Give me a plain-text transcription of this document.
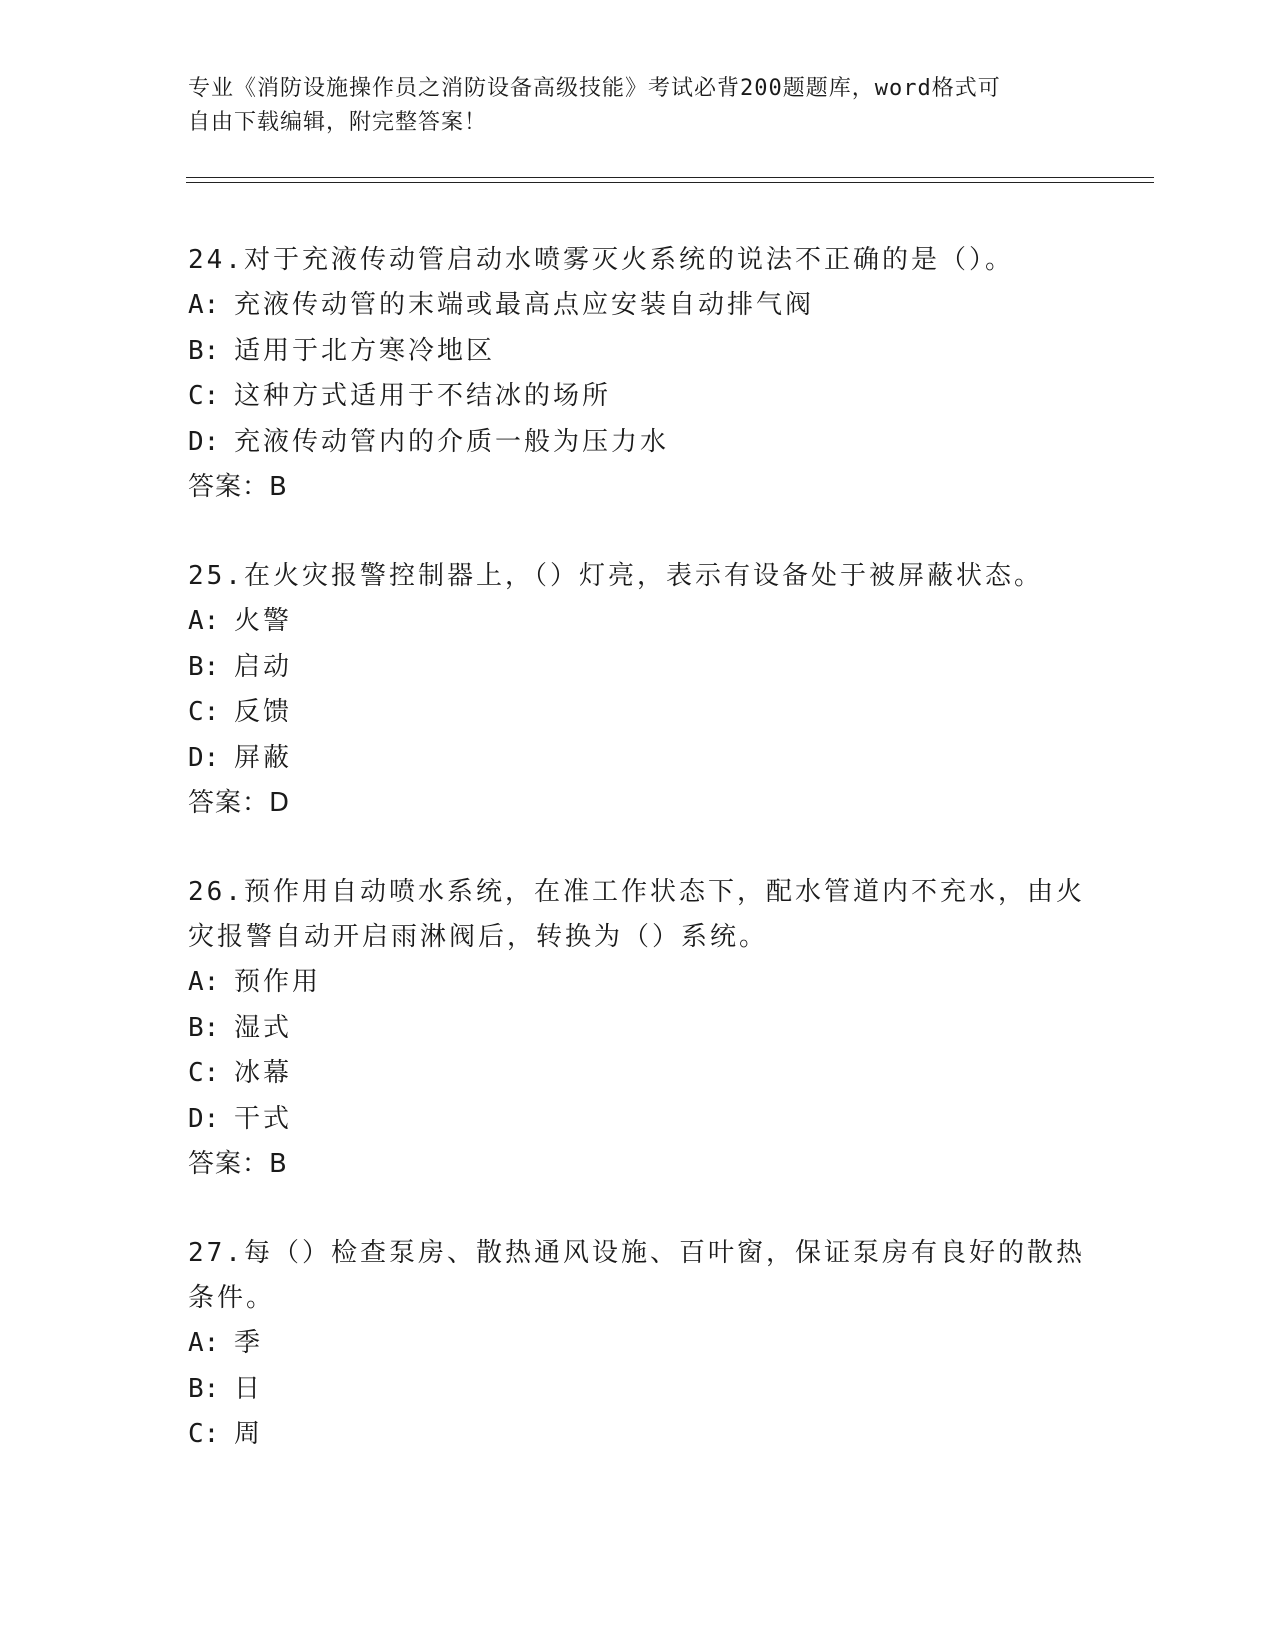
专业《消防设施操作员之消防设备高级技能》考试必背200题题库，word格式可
自由下载编辑，附完整答案！

24.对于充液传动管启动水喷雾灭火系统的说法不正确的是（）。

A: 充液传动管的末端或最高点应安装自动排气阀

B: 适用于北方寒冷地区

C: 这种方式适用于不结冰的场所

D: 充液传动管内的介质一般为压力水

答案：B

25.在火灾报警控制器上，（）灯亮，表示有设备处于被屏蔽状态。

A: 火警

B: 启动

C: 反馈

D: 屏蔽

答案：D

26.预作用自动喷水系统，在准工作状态下，配水管道内不充水，由火灾报警自动开启雨淋阀后，转换为（）系统。

A: 预作用

B: 湿式

C: 冰幕

D: 干式

答案：B

27.每（）检查泵房、散热通风设施、百叶窗，保证泵房有良好的散热条件。

A: 季

B: 日

C: 周
